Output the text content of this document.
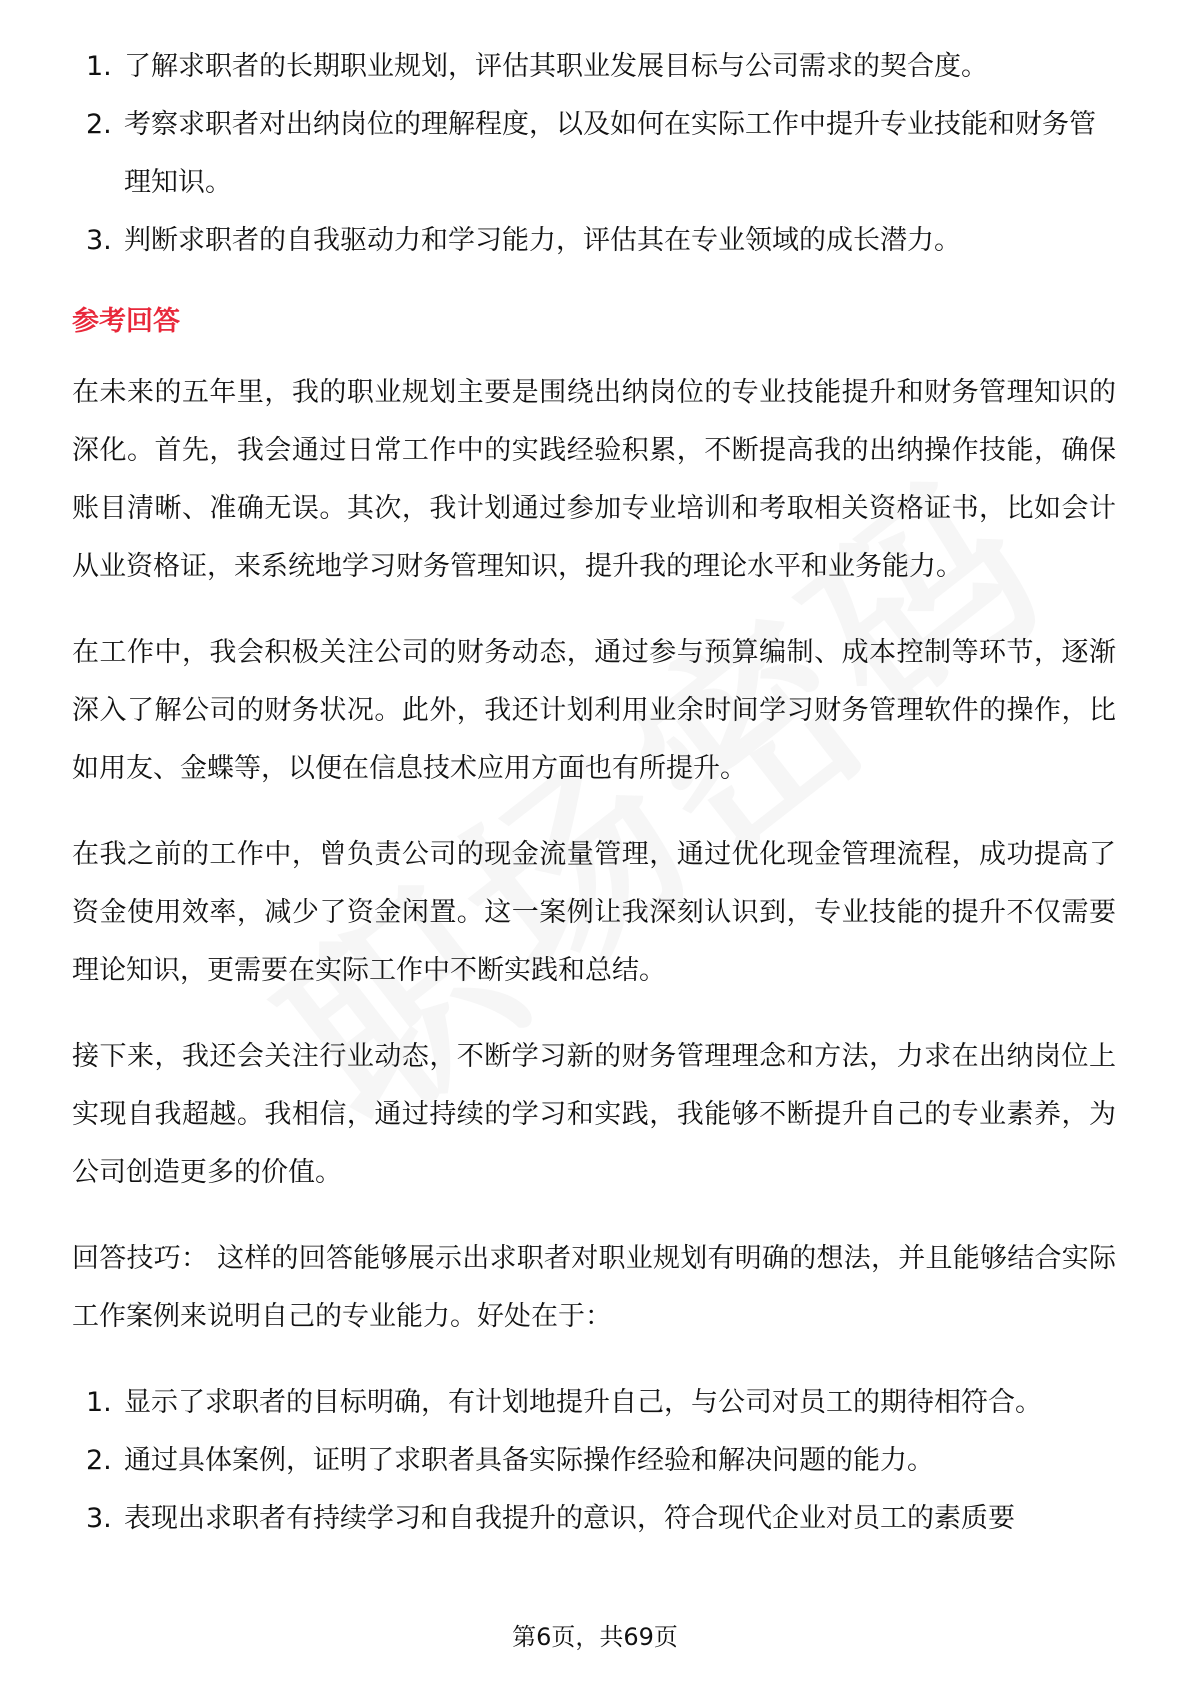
1. 了解求职者的长期职业规划，评估其职业发展目标与公司需求的契合度。
2. 考察求职者对出纳岗位的理解程度，以及如何在实际工作中提升专业技能和财务管理知识。
3. 判断求职者的自我驱动力和学习能力，评估其在专业领域的成长潜力。
参考回答

在未来的五年里，我的职业规划主要是围绕出纳岗位的专业技能提升和财务管理知识的深化。首先，我会通过日常工作中的实践经验积累，不断提高我的出纳操作技能，确保账目清晰、准确无误。其次，我计划通过参加专业培训和考取相关资格证书，比如会计从业资格证，来系统地学习财务管理知识，提升我的理论水平和业务能力。

在工作中，我会积极关注公司的财务动态，通过参与预算编制、成本控制等环节，逐渐深入了解公司的财务状况。此外，我还计划利用业余时间学习财务管理软件的操作，比如用友、金蝶等，以便在信息技术应用方面也有所提升。

在我之前的工作中，曾负责公司的现金流量管理，通过优化现金管理流程，成功提高了资金使用效率，减少了资金闲置。这一案例让我深刻认识到，专业技能的提升不仅需要理论知识，更需要在实际工作中不断实践和总结。

接下来，我还会关注行业动态，不断学习新的财务管理理念和方法，力求在出纳岗位上实现自我超越。我相信，通过持续的学习和实践，我能够不断提升自己的专业素养，为公司创造更多的价值。

回答技巧： 这样的回答能够展示出求职者对职业规划有明确的想法，并且能够结合实际工作案例来说明自己的专业能力。好处在于：

1. 显示了求职者的目标明确，有计划地提升自己，与公司对员工的期待相符合。
2. 通过具体案例，证明了求职者具备实际操作经验和解决问题的能力。
3. 表现出求职者有持续学习和自我提升的意识，符合现代企业对员工的素质要
第6页，共69页
